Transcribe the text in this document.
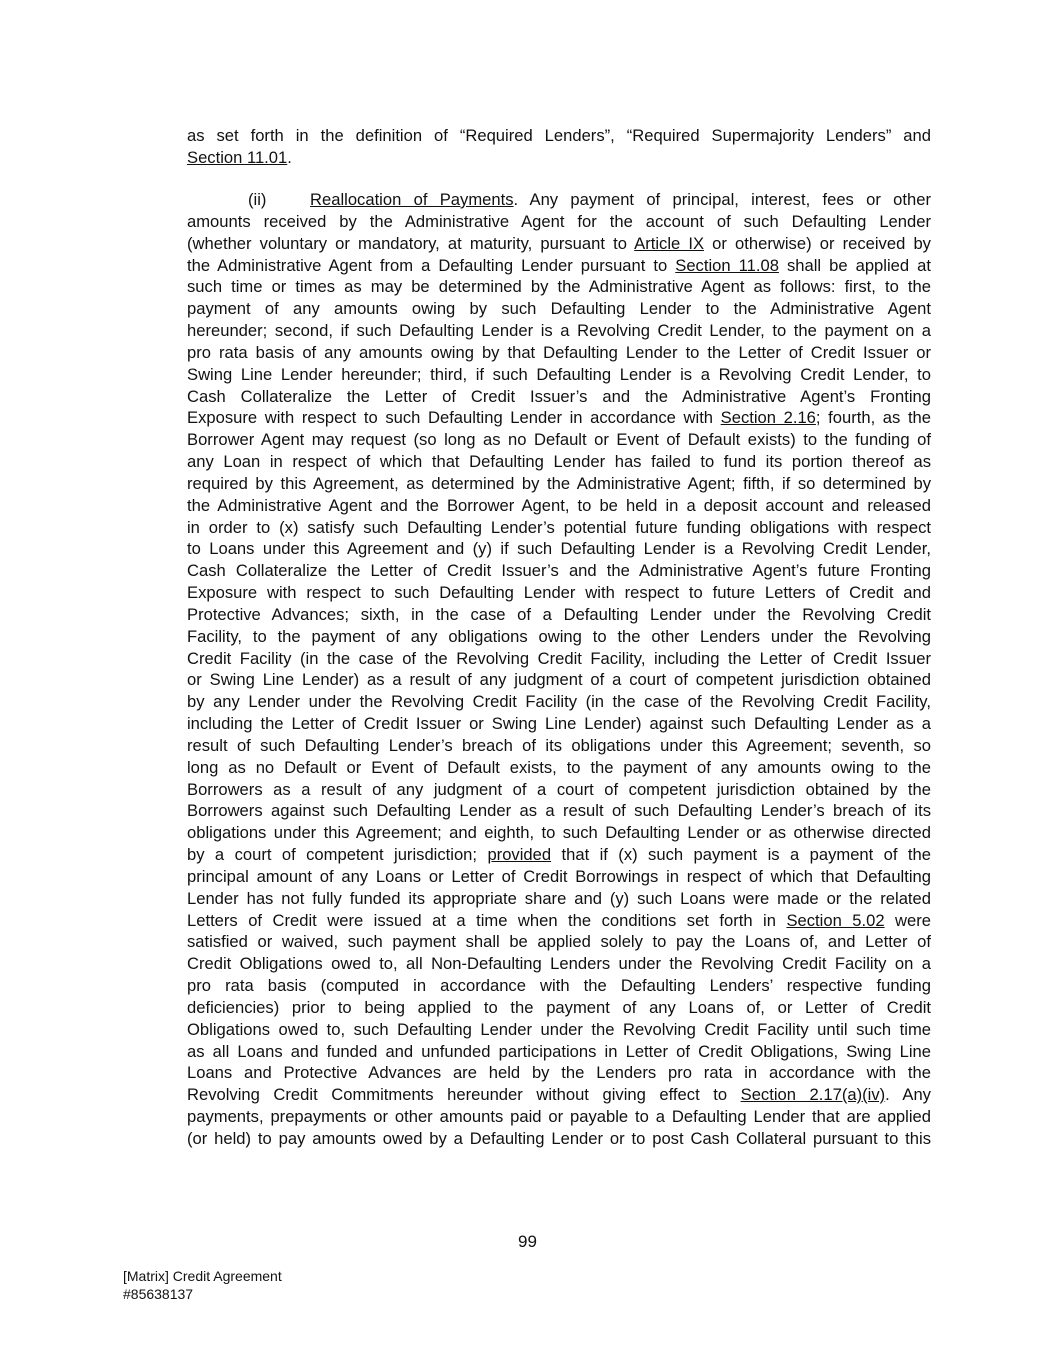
as set forth in the definition of “Required Lenders”, “Required Supermajority Lenders” and
Section 11.01.
(ii)	Reallocation of Payments. Any payment of principal, interest, fees or other
amounts received by the Administrative Agent for the account of such Defaulting Lender
(whether voluntary or mandatory, at maturity, pursuant to Article IX or otherwise) or received by
the Administrative Agent from a Defaulting Lender pursuant to Section 11.08 shall be applied at
such time or times as may be determined by the Administrative Agent as follows: first, to the
payment of any amounts owing by such Defaulting Lender to the Administrative Agent
hereunder; second, if such Defaulting Lender is a Revolving Credit Lender, to the payment on a
pro rata basis of any amounts owing by that Defaulting Lender to the Letter of Credit Issuer or
Swing Line Lender hereunder; third, if such Defaulting Lender is a Revolving Credit Lender, to
Cash Collateralize the Letter of Credit Issuer’s and the Administrative Agent’s Fronting
Exposure with respect to such Defaulting Lender in accordance with Section 2.16; fourth, as the
Borrower Agent may request (so long as no Default or Event of Default exists) to the funding of
any Loan in respect of which that Defaulting Lender has failed to fund its portion thereof as
required by this Agreement, as determined by the Administrative Agent; fifth, if so determined by
the Administrative Agent and the Borrower Agent, to be held in a deposit account and released
in order to (x) satisfy such Defaulting Lender’s potential future funding obligations with respect
to Loans under this Agreement and (y) if such Defaulting Lender is a Revolving Credit Lender,
Cash Collateralize the Letter of Credit Issuer’s and the Administrative Agent’s future Fronting
Exposure with respect to such Defaulting Lender with respect to future Letters of Credit and
Protective Advances; sixth, in the case of a Defaulting Lender under the Revolving Credit
Facility, to the payment of any obligations owing to the other Lenders under the Revolving
Credit Facility (in the case of the Revolving Credit Facility, including the Letter of Credit Issuer
or Swing Line Lender) as a result of any judgment of a court of competent jurisdiction obtained
by any Lender under the Revolving Credit Facility (in the case of the Revolving Credit Facility,
including the Letter of Credit Issuer or Swing Line Lender) against such Defaulting Lender as a
result of such Defaulting Lender’s breach of its obligations under this Agreement; seventh, so
long as no Default or Event of Default exists, to the payment of any amounts owing to the
Borrowers as a result of any judgment of a court of competent jurisdiction obtained by the
Borrowers against such Defaulting Lender as a result of such Defaulting Lender’s breach of its
obligations under this Agreement; and eighth, to such Defaulting Lender or as otherwise directed
by a court of competent jurisdiction; provided that if (x) such payment is a payment of the
principal amount of any Loans or Letter of Credit Borrowings in respect of which that Defaulting
Lender has not fully funded its appropriate share and (y) such Loans were made or the related
Letters of Credit were issued at a time when the conditions set forth in Section 5.02 were
satisfied or waived, such payment shall be applied solely to pay the Loans of, and Letter of
Credit Obligations owed to, all Non-Defaulting Lenders under the Revolving Credit Facility on a
pro rata basis (computed in accordance with the Defaulting Lenders’ respective funding
deficiencies) prior to being applied to the payment of any Loans of, or Letter of Credit
Obligations owed to, such Defaulting Lender under the Revolving Credit Facility until such time
as all Loans and funded and unfunded participations in Letter of Credit Obligations, Swing Line
Loans and Protective Advances are held by the Lenders pro rata in accordance with the
Revolving Credit Commitments hereunder without giving effect to Section 2.17(a)(iv). Any
payments, prepayments or other amounts paid or payable to a Defaulting Lender that are applied
(or held) to pay amounts owed by a Defaulting Lender or to post Cash Collateral pursuant to this
99
[Matrix] Credit Agreement
#85638137
